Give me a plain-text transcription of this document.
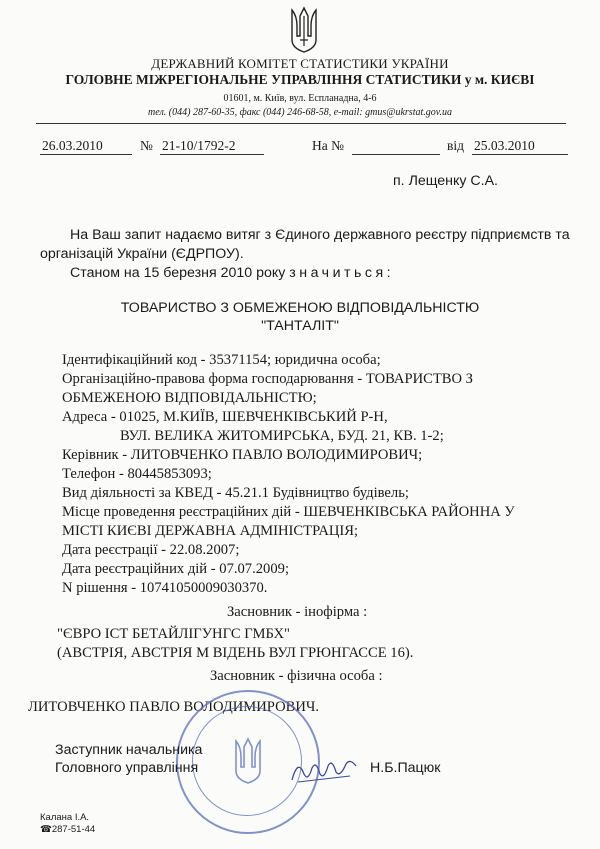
ДЕРЖАВНИЙ КОМІТЕТ СТАТИСТИКИ УКРАЇНИ
ГОЛОВНЕ МІЖРЕГІОНАЛЬНЕ УПРАВЛІННЯ СТАТИСТИКИ у м. КИЄВІ
01601, м. Київ, вул. Еспланадна, 4-6
тел. (044) 287-60-35, факс (044) 246-68-58, e-mail: gmus@ukrstat.gov.ua
26.03.2010	№ 21-10/1792-2	На №
	від 25.03.2010
п. Лещенку С.А.
На Ваш запит надаємо витяг з Єдиного державного реєстру підприємств та
організацій України (ЄДРПОУ).
Станом на 15 березня 2010 року значиться:
ТОВАРИСТВО З ОБМЕЖЕНОЮ ВІДПОВІДАЛЬНІСТЮ
"ТАНТАЛІТ"
Ідентифікаційний код - 35371154; юридична особа;
Організаційно-правова форма господарювання - ТОВАРИСТВО З
ОБМЕЖЕНОЮ ВІДПОВІДАЛЬНІСТЮ;
Адреса - 01025, М.КИЇВ, ШЕВЧЕНКІВСЬКИЙ Р-Н,
ВУЛ. ВЕЛИКА ЖИТОМИРСЬКА, БУД. 21, КВ. 1-2;
Керівник - ЛИТОВЧЕНКО ПАВЛО ВОЛОДИМИРОВИЧ;
Телефон - 80445853093;
Вид діяльності за КВЕД - 45.21.1 Будівництво будівель;
Місце проведення реєстраційних дій - ШЕВЧЕНКІВСЬКА РАЙОННА У
МІСТІ КИЄВІ ДЕРЖАВНА АДМІНІСТРАЦІЯ;
Дата реєстрації - 22.08.2007;
Дата реєстраційних дій - 07.07.2009;
N рішення - 10741050009030370.
Засновник - інофірма :
"ЄВРО ІСТ БЕТАЙЛІГУНГС ГМБХ"
(АВСТРІЯ, АВСТРІЯ М ВІДЕНЬ ВУЛ ГРЮНГАССЕ 16).
Засновник - фізична особа :
ЛИТОВЧЕНКО ПАВЛО ВОЛОДИМИРОВИЧ.
Заступник начальника
Головного управління	Н.Б.Пацюк
Калана І.А.
☎287-51-44
